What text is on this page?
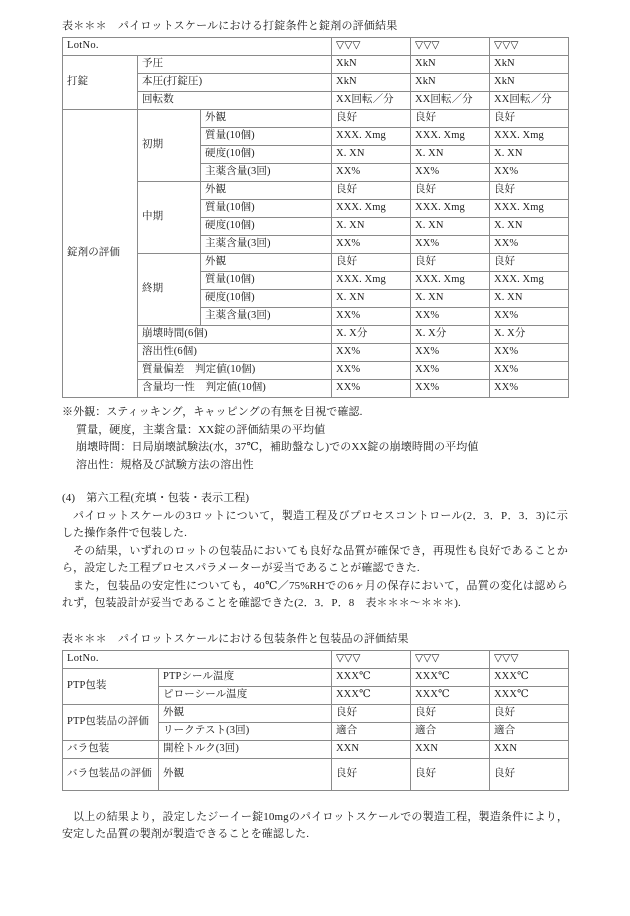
表＊＊＊　パイロットスケールにおける打錠条件と錠剤の評価結果
LotNo.			▽▽▽	▽▽▽	▽▽▽
打錠	予圧		XkN	XkN	XkN
	本圧(打錠圧)		XkN	XkN	XkN
	回転数		XX回転／分	XX回転／分	XX回転／分
錠剤の評価	初期	外観	良好	良好	良好
		質量(10個)	XXX. Xmg	XXX. Xmg	XXX. Xmg
		硬度(10個)	X. XN	X. XN	X. XN
		主薬含量(3回)	XX%	XX%	XX%
	中期	外観	良好	良好	良好
		質量(10個)	XXX. Xmg	XXX. Xmg	XXX. Xmg
		硬度(10個)	X. XN	X. XN	X. XN
		主薬含量(3回)	XX%	XX%	XX%
	終期	外観	良好	良好	良好
		質量(10個)	XXX. Xmg	XXX. Xmg	XXX. Xmg
		硬度(10個)	X. XN	X. XN	X. XN
		主薬含量(3回)	XX%	XX%	XX%
	崩壊時間(6個)		X. X分	X. X分	X. X分
	溶出性(6個)		XX%	XX%	XX%
	質量偏差　判定値(10個)		XX%	XX%	XX%
	含量均一性　判定値(10個)		XX%	XX%	XX%
※外観：スティッキング，キャッピングの有無を目視で確認.
質量，硬度，主薬含量：XX錠の評価結果の平均値
崩壊時間：日局崩壊試験法(水，37℃，補助盤なし)でのXX錠の崩壊時間の平均値
溶出性：規格及び試験方法の溶出性
(4)　第六工程(充填・包装・表示工程)
パイロットスケールの3ロットについて，製造工程及びプロセスコントロール(2．3．P．3．3)に示した操作条件で包装した.
その結果，いずれのロットの包装品においても良好な品質が確保でき，再現性も良好であることから，設定した工程プロセスパラメーターが妥当であることが確認できた.
また，包装品の安定性についても，40℃／75%RHでの6ヶ月の保存において，品質の変化は認められず，包装設計が妥当であることを確認できた(2．3．P．8　表＊＊＊～＊＊＊).
表＊＊＊　パイロットスケールにおける包装条件と包装品の評価結果
LotNo.		▽▽▽	▽▽▽	▽▽▽
PTP包装	PTPシール温度	XXX℃	XXX℃	XXX℃
	ピローシール温度	XXX℃	XXX℃	XXX℃
PTP包装品の評価	外観	良好	良好	良好
	リークテスト(3回)	適合	適合	適合
バラ包装	開栓トルク(3回)	XXN	XXN	XXN
バラ包装品の評価	外観	良好	良好	良好
以上の結果より，設定したジーイー錠10mgのパイロットスケールでの製造工程，製造条件により，安定した品質の製剤が製造できることを確認した.
